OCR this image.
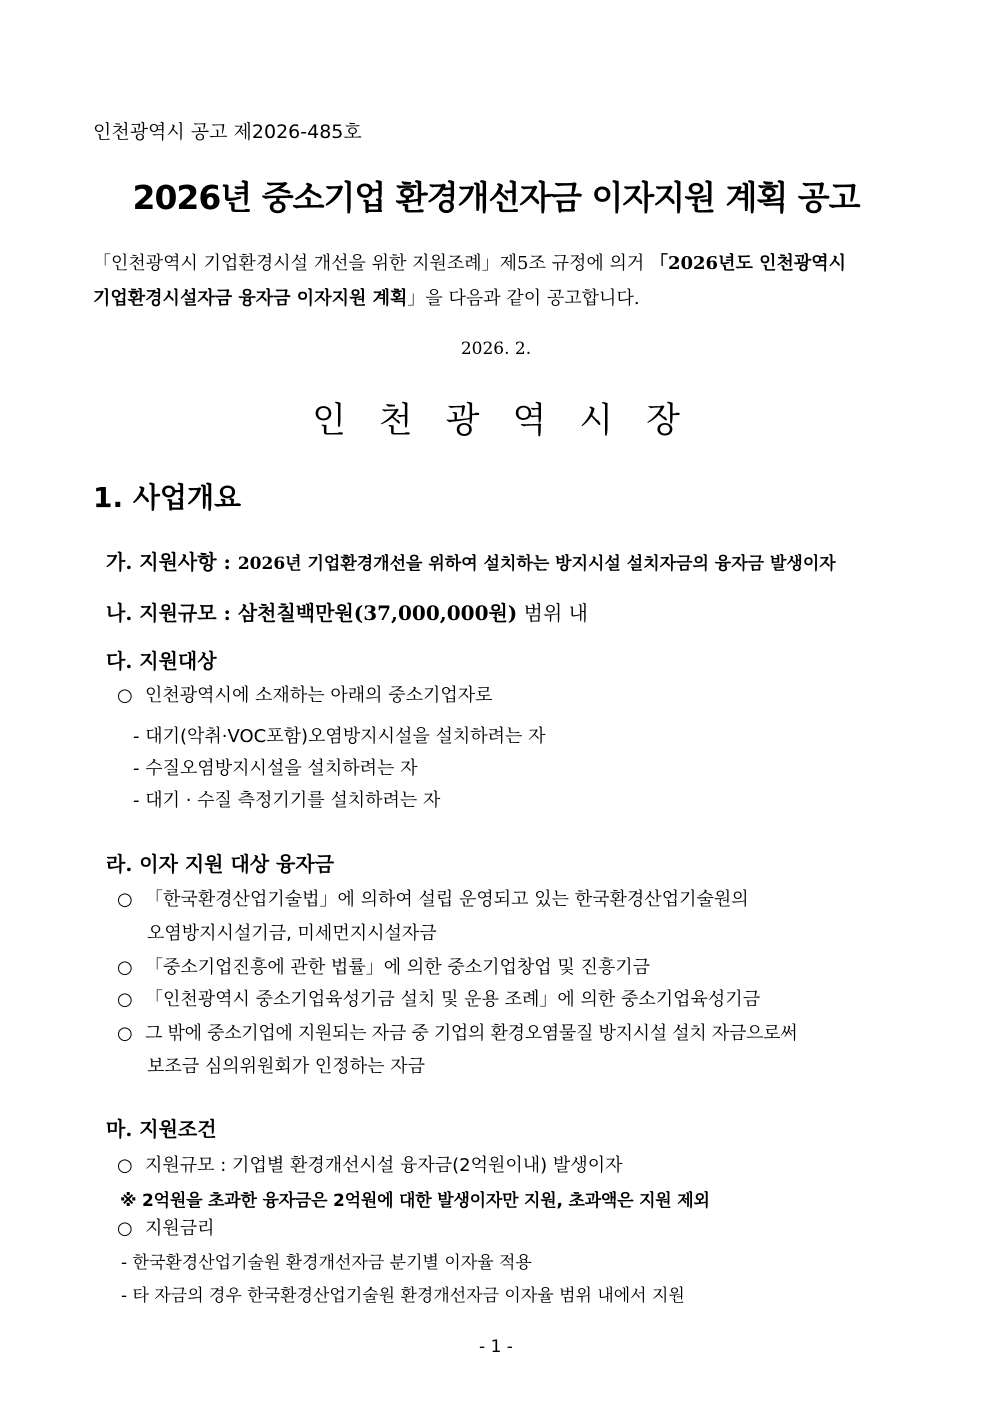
인천광역시 공고 제2026-485호
2026년 중소기업 환경개선자금 이자지원 계획 공고
「인천광역시 기업환경시설 개선을 위한 지원조례」제5조 규정에 의거 「2026년도 인천광역시
기업환경시설자금 융자금 이자지원 계획」을 다음과 같이 공고합니다.
2026. 2.
인천광역시장
1. 사업개요
가. 지원사항 : 2026년 기업환경개선을 위하여 설치하는 방지시설 설치자금의 융자금 발생이자
나. 지원규모 : 삼천칠백만원(37,000,000원) 범위 내
다. 지원대상
○ 인천광역시에 소재하는 아래의 중소기업자로
- 대기(악취·VOC포함)오염방지시설을 설치하려는 자
- 수질오염방지시설을 설치하려는 자
- 대기 · 수질 측정기기를 설치하려는 자
라. 이자 지원 대상 융자금
○ 「한국환경산업기술법」에 의하여 설립 운영되고 있는 한국환경산업기술원의
오염방지시설기금, 미세먼지시설자금
○ 「중소기업진흥에 관한 법률」에 의한 중소기업창업 및 진흥기금
○ 「인천광역시 중소기업육성기금 설치 및 운용 조례」에 의한 중소기업육성기금
○ 그 밖에 중소기업에 지원되는 자금 중 기업의 환경오염물질 방지시설 설치 자금으로써
보조금 심의위원회가 인정하는 자금
마. 지원조건
○ 지원규모 : 기업별 환경개선시설 융자금(2억원이내) 발생이자
※ 2억원을 초과한 융자금은 2억원에 대한 발생이자만 지원, 초과액은 지원 제외
○ 지원금리
- 한국환경산업기술원 환경개선자금 분기별 이자율 적용
- 타 자금의 경우 한국환경산업기술원 환경개선자금 이자율 범위 내에서 지원
- 1 -
